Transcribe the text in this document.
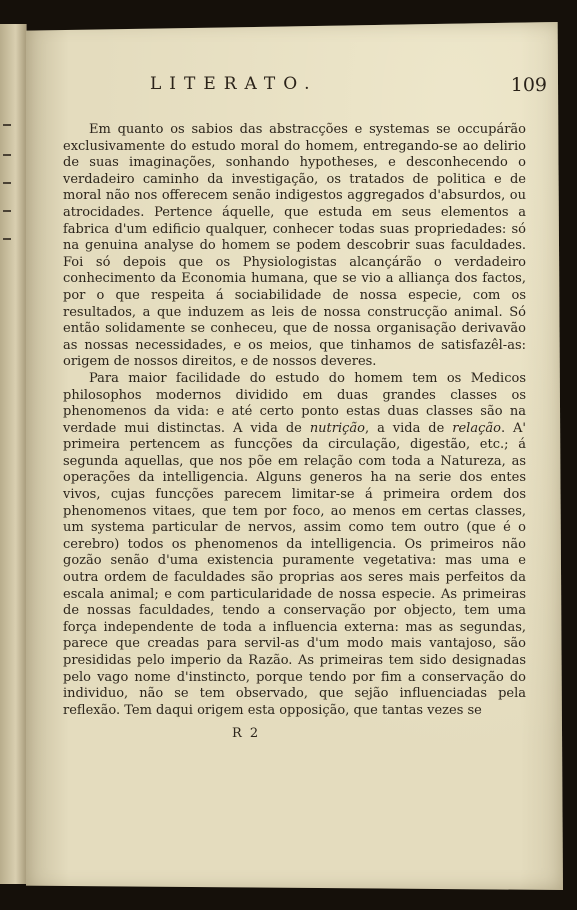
LITERATO.	109

Em quanto os sabios das abstracções e systemas se occupárão exclusivamente do estudo moral do homem, entregando-se ao delirio de suas imaginações, sonhando hypotheses, e desconhecendo o verdadeiro caminho da investigação, os tratados de politica e de moral não nos offerecem senão indigestos aggregados d'absurdos, ou atrocidades. Pertence áquelle, que estuda em seus elementos a fabrica d'um edificio qualquer, conhecer todas suas propriedades: só na genuina analyse do homem se podem descobrir suas faculdades. Foi só depois que os Physiologistas alcançárão o verdadeiro conhecimento da Economia humana, que se vio a alliança dos factos, por o que respeita á sociabilidade de nossa especie, com os resultados, a que induzem as leis de nossa construcção animal. Só então solidamente se conheceu, que de nossa organisação derivavão as nossas necessidades, e os meios, que tinhamos de satisfazêl-as: origem de nossos direitos, e de nossos deveres.

Para maior facilidade do estudo do homem tem os Medicos philosophos modernos dividido em duas grandes classes os phenomenos da vida: e até certo ponto estas duas classes são na verdade mui distinctas. A vida de nutrição, a vida de relação. A' primeira pertencem as funcções da circulação, digestão, etc.; á segunda aquellas, que nos põe em relação com toda a Natureza, as operações da intelligencia. Alguns generos ha na serie dos entes vivos, cujas funcções parecem limitar-se á primeira ordem dos phenomenos vitaes, que tem por foco, ao menos em certas classes, um systema particular de nervos, assim como tem outro (que é o cerebro) todos os phenomenos da intelligencia. Os primeiros não gozão senão d'uma existencia puramente vegetativa: mas uma e outra ordem de faculdades são proprias aos seres mais perfeitos da escala animal; e com particularidade de nossa especie. As primeiras de nossas faculdades, tendo a conservação por objecto, tem uma força independente de toda a influencia externa: mas as segundas, parece que creadas para servil-as d'um modo mais vantajoso, são presididas pelo imperio da Razão. As primeiras tem sido designadas pelo vago nome d'instincto, porque tendo por fim a conservação do individuo, não se tem observado, que sejão influenciadas pela reflexão. Tem daqui origem esta opposição, que tantas vezes se

R 2
